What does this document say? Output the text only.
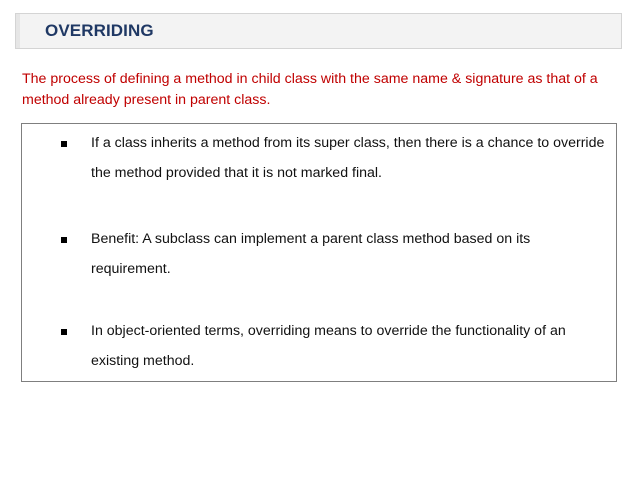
OVERRIDING
The process of defining a method in child class with the same name & signature as that of a method already present in parent class.
If a class inherits a method from its super class, then there is a chance to override the method provided that it is not marked final.
Benefit: A subclass can implement a parent class method based on its requirement.
In object-oriented terms, overriding means to override the functionality of an existing method.
